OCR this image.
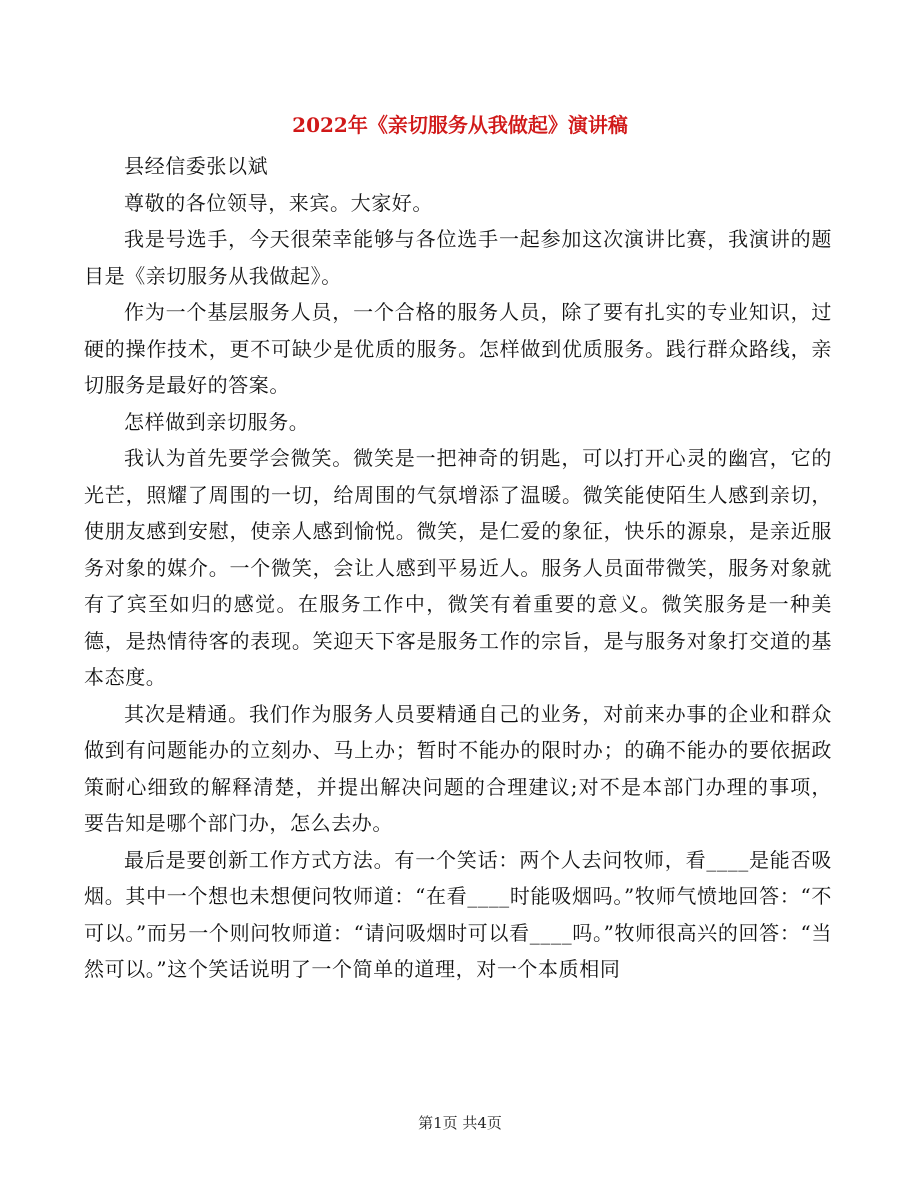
2022年《亲切服务从我做起》演讲稿

县经信委张以斌

尊敬的各位领导，来宾。大家好。

我是号选手，今天很荣幸能够与各位选手一起参加这次演讲比赛，我演讲的题目是《亲切服务从我做起》。

作为一个基层服务人员，一个合格的服务人员，除了要有扎实的专业知识，过硬的操作技术，更不可缺少是优质的服务。怎样做到优质服务。践行群众路线，亲切服务是最好的答案。

怎样做到亲切服务。

我认为首先要学会微笑。微笑是一把神奇的钥匙，可以打开心灵的幽宫，它的光芒，照耀了周围的一切，给周围的气氛增添了温暖。微笑能使陌生人感到亲切，使朋友感到安慰，使亲人感到愉悦。微笑，是仁爱的象征，快乐的源泉，是亲近服务对象的媒介。一个微笑，会让人感到平易近人。服务人员面带微笑，服务对象就有了宾至如归的感觉。在服务工作中，微笑有着重要的意义。微笑服务是一种美德，是热情待客的表现。笑迎天下客是服务工作的宗旨，是与服务对象打交道的基本态度。

其次是精通。我们作为服务人员要精通自己的业务，对前来办事的企业和群众做到有问题能办的立刻办、马上办；暂时不能办的限时办；的确不能办的要依据政策耐心细致的解释清楚，并提出解决问题的合理建议;对不是本部门办理的事项，要告知是哪个部门办，怎么去办。

最后是要创新工作方式方法。有一个笑话：两个人去问牧师，看____是能否吸烟。其中一个想也未想便问牧师道：“在看____时能吸烟吗。”牧师气愤地回答：“不可以。”而另一个则问牧师道：“请问吸烟时可以看____吗。”牧师很高兴的回答：“当然可以。”这个笑话说明了一个简单的道理，对一个本质相同

第1页 共4页
